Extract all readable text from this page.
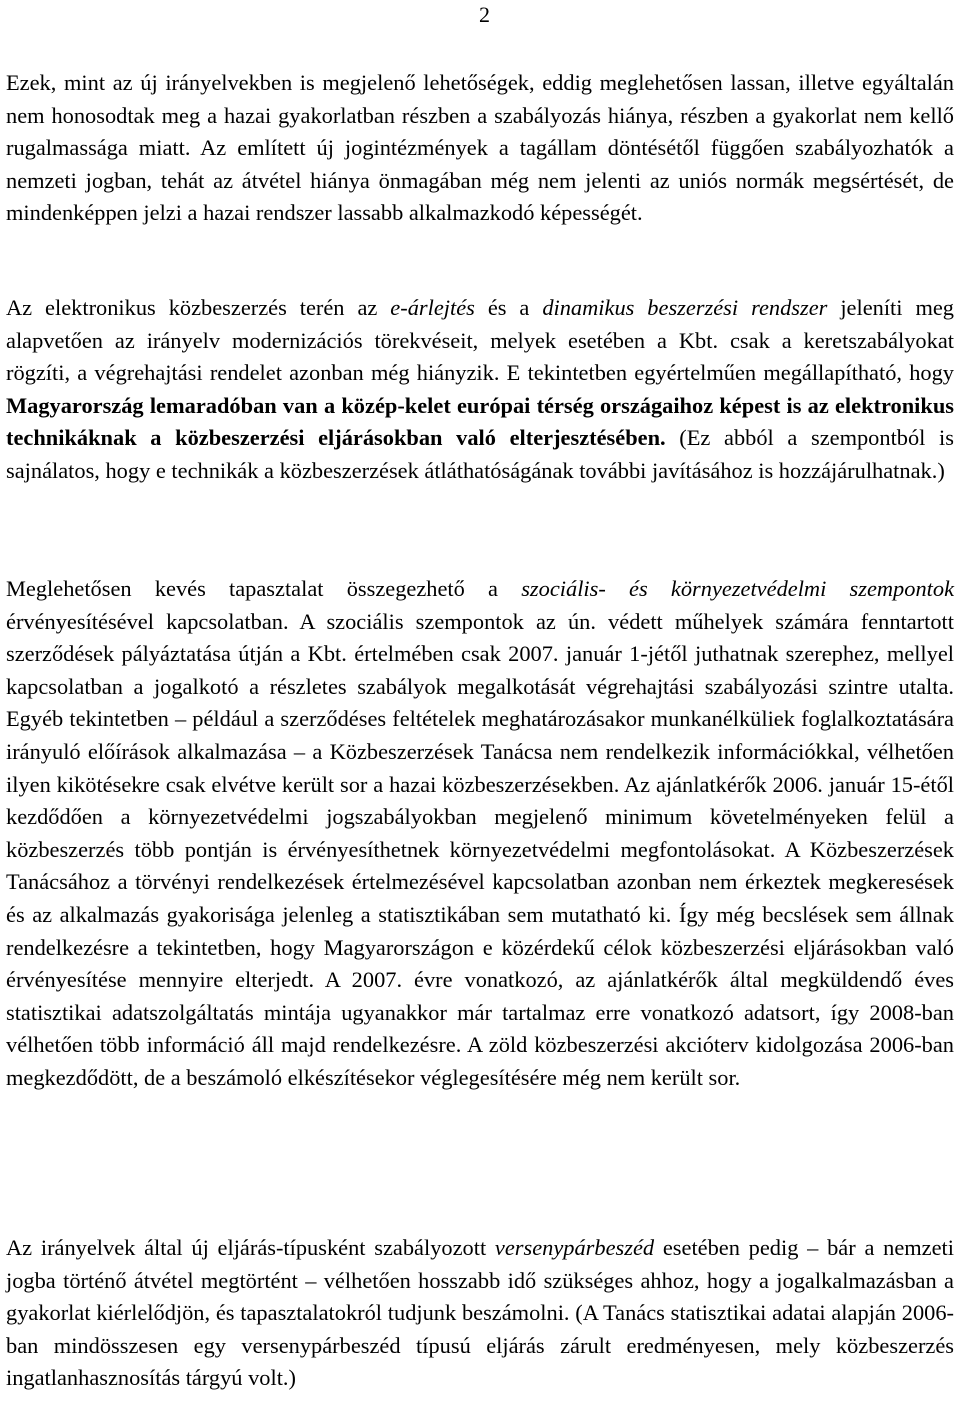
2

Ezek, mint az új irányelvekben is megjelenő lehetőségek, eddig meglehetősen lassan, illetve egyáltalán nem honosodtak meg a hazai gyakorlatban részben a szabályozás hiánya, részben a gyakorlat nem kellő rugalmassága miatt. Az említett új jogintézmények a tagállam döntésétől függően szabályozhatók a nemzeti jogban, tehát az átvétel hiánya önmagában még nem jelenti az uniós normák megsértését, de mindenképpen jelzi a hazai rendszer lassabb alkalmazkodó képességét.

Az elektronikus közbeszerzés terén az e-árlejtés és a dinamikus beszerzési rendszer jeleníti meg alapvetően az irányelv modernizációs törekvéseit, melyek esetében a Kbt. csak a keretszabályokat rögzíti, a végrehajtási rendelet azonban még hiányzik. E tekintetben egyértelműen megállapítható, hogy Magyarország lemaradóban van a közép-kelet európai térség országaihoz képest is az elektronikus technikáknak a közbeszerzési eljárásokban való elterjesztésében. (Ez abból a szempontból is sajnálatos, hogy e technikák a közbeszerzések átláthatóságának további javításához is hozzájárulhatnak.)

Meglehetősen kevés tapasztalat összegezhető a szociális- és környezetvédelmi szempontok érvényesítésével kapcsolatban. A szociális szempontok az ún. védett műhelyek számára fenntartott szerződések pályáztatása útján a Kbt. értelmében csak 2007. január 1-jétől juthatnak szerephez, mellyel kapcsolatban a jogalkotó a részletes szabályok megalkotását végrehajtási szabályozási szintre utalta. Egyéb tekintetben – például a szerződéses feltételek meghatározásakor munkanélküliek foglalkoztatására irányuló előírások alkalmazása – a Közbeszerzések Tanácsa nem rendelkezik információkkal, vélhetően ilyen kikötésekre csak elvétve került sor a hazai közbeszerzésekben. Az ajánlatkérők 2006. január 15-étől kezdődően a környezetvédelmi jogszabályokban megjelenő minimum követelményeken felül a közbeszerzés több pontján is érvényesíthetnek környezetvédelmi megfontolásokat. A Közbeszerzések Tanácsához a törvényi rendelkezések értelmezésével kapcsolatban azonban nem érkeztek megkeresések és az alkalmazás gyakorisága jelenleg a statisztikában sem mutatható ki. Így még becslések sem állnak rendelkezésre a tekintetben, hogy Magyarországon e közérdekű célok közbeszerzési eljárásokban való érvényesítése mennyire elterjedt. A 2007. évre vonatkozó, az ajánlatkérők által megküldendő éves statisztikai adatszolgáltatás mintája ugyanakkor már tartalmaz erre vonatkozó adatsort, így 2008-ban vélhetően több információ áll majd rendelkezésre. A zöld közbeszerzési akcióterv kidolgozása 2006-ban megkezdődött, de a beszámoló elkészítésekor véglegesítésére még nem került sor.

Az irányelvek által új eljárás-típusként szabályozott versenypárbeszéd esetében pedig – bár a nemzeti jogba történő átvétel megtörtént – vélhetően hosszabb idő szükséges ahhoz, hogy a jogalkalmazásban a gyakorlat kiérlelődjön, és tapasztalatokról tudjunk beszámolni. (A Tanács statisztikai adatai alapján 2006-ban mindösszesen egy versenypárbeszéd típusú eljárás zárult eredményesen, mely közbeszerzés ingatlanhasznosítás tárgyú volt.)
